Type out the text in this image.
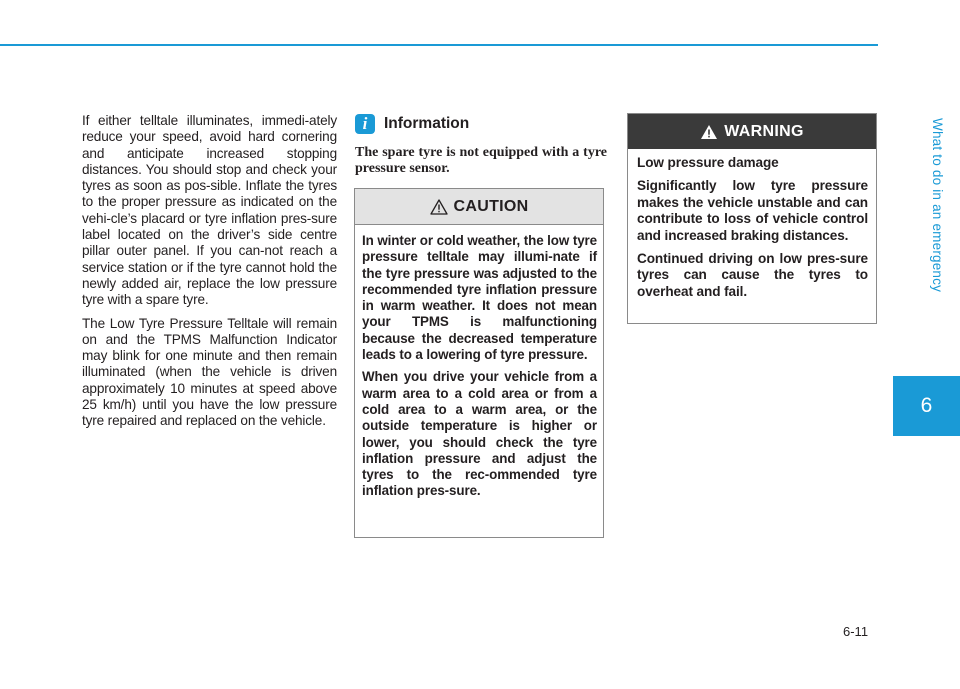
What to do in an emergency
6

If either telltale illuminates, immedi-ately reduce your speed, avoid hard cornering and anticipate increased stopping distances. You should stop and check your tyres as soon as pos-sible. Inflate the tyres to the proper pressure as indicated on the vehi-cle’s placard or tyre inflation pres-sure label located on the driver’s side centre pillar outer panel. If you can-not reach a service station or if the tyre cannot hold the newly added air, replace the low pressure tyre with a spare tyre.

The Low Tyre Pressure Telltale will remain on and the TPMS Malfunction Indicator may blink for one minute and then remain illuminated (when the vehicle is driven approximately 10 minutes at speed above 25 km/h) until you have the low pressure tyre repaired and replaced on the vehicle.

i	Information

The spare tyre is not equipped with a tyre pressure sensor.

CAUTION

In winter or cold weather, the low tyre pressure telltale may illumi-nate if the tyre pressure was adjusted to the recommended tyre inflation pressure in warm weather. It does not mean your TPMS is malfunctioning because the decreased temperature leads to a lowering of tyre pressure.

When you drive your vehicle from a warm area to a cold area or from a cold area to a warm area, or the outside temperature is higher or lower, you should check the tyre inflation pressure and adjust the tyres to the rec-ommended tyre inflation pres-sure.

WARNING

Low pressure damage

Significantly low tyre pressure makes the vehicle unstable and can contribute to loss of vehicle control and increased braking distances.

Continued driving on low pres-sure tyres can cause the tyres to overheat and fail.

6-11
